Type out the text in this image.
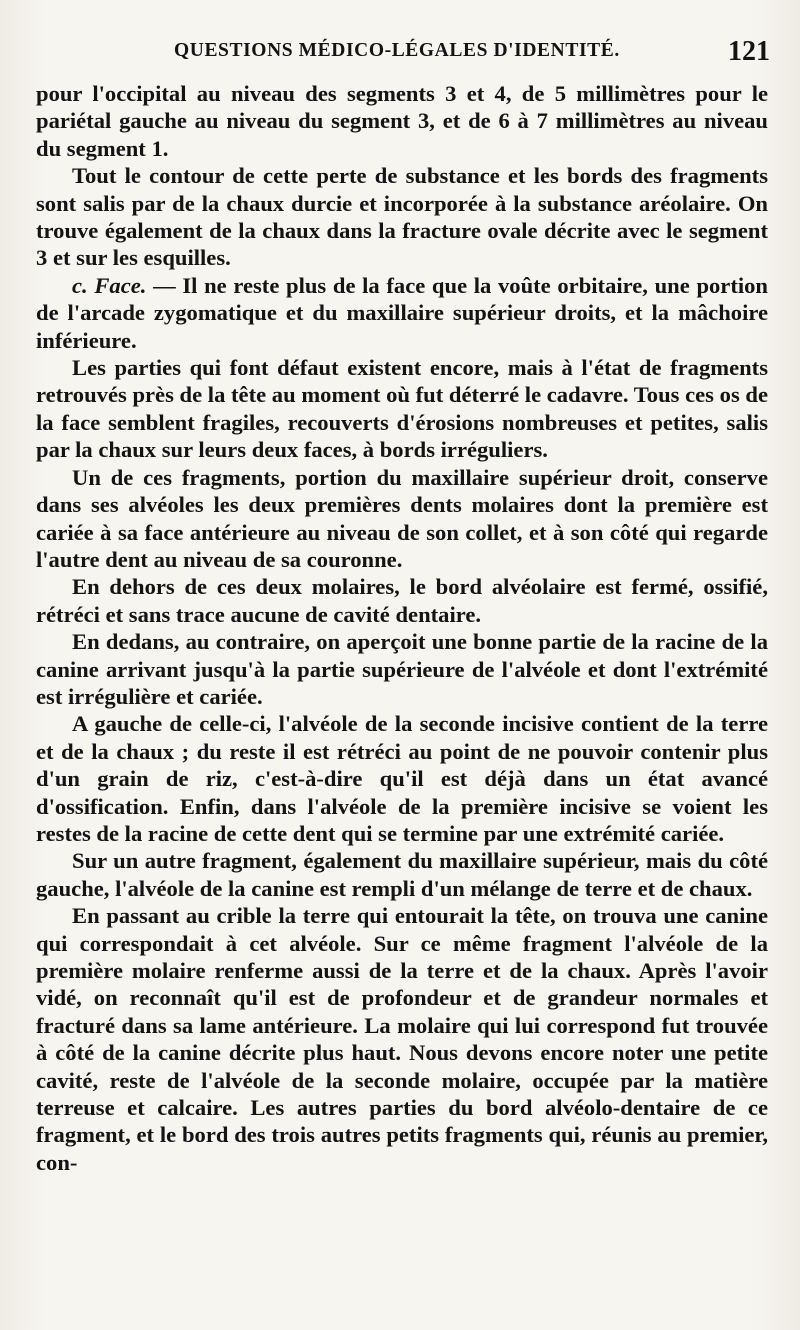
QUESTIONS MÉDICO-LÉGALES D'IDENTITÉ.	121

pour l'occipital au niveau des segments 3 et 4, de 5 millimètres pour le pariétal gauche au niveau du segment 3, et de 6 à 7 millimètres au niveau du segment 1.

Tout le contour de cette perte de substance et les bords des fragments sont salis par de la chaux durcie et incorporée à la substance aréolaire. On trouve également de la chaux dans la fracture ovale décrite avec le segment 3 et sur les esquilles.

c. Face. — Il ne reste plus de la face que la voûte orbitaire, une portion de l'arcade zygomatique et du maxillaire supérieur droits, et la mâchoire inférieure.

Les parties qui font défaut existent encore, mais à l'état de fragments retrouvés près de la tête au moment où fut déterré le cadavre. Tous ces os de la face semblent fragiles, recouverts d'érosions nombreuses et petites, salis par la chaux sur leurs deux faces, à bords irréguliers.

Un de ces fragments, portion du maxillaire supérieur droit, conserve dans ses alvéoles les deux premières dents molaires dont la première est cariée à sa face antérieure au niveau de son collet, et à son côté qui regarde l'autre dent au niveau de sa couronne.

En dehors de ces deux molaires, le bord alvéolaire est fermé, ossifié, rétréci et sans trace aucune de cavité dentaire.

En dedans, au contraire, on aperçoit une bonne partie de la racine de la canine arrivant jusqu'à la partie supérieure de l'alvéole et dont l'extrémité est irrégulière et cariée.

A gauche de celle-ci, l'alvéole de la seconde incisive contient de la terre et de la chaux ; du reste il est rétréci au point de ne pouvoir contenir plus d'un grain de riz, c'est-à-dire qu'il est déjà dans un état avancé d'ossification. Enfin, dans l'alvéole de la première incisive se voient les restes de la racine de cette dent qui se termine par une extrémité cariée.

Sur un autre fragment, également du maxillaire supérieur, mais du côté gauche, l'alvéole de la canine est rempli d'un mélange de terre et de chaux.

En passant au crible la terre qui entourait la tête, on trouva une canine qui correspondait à cet alvéole. Sur ce même fragment l'alvéole de la première molaire renferme aussi de la terre et de la chaux. Après l'avoir vidé, on reconnaît qu'il est de profondeur et de grandeur normales et fracturé dans sa lame antérieure. La molaire qui lui correspond fut trouvée à côté de la canine décrite plus haut. Nous devons encore noter une petite cavité, reste de l'alvéole de la seconde molaire, occupée par la matière terreuse et calcaire. Les autres parties du bord alvéolo-dentaire de ce fragment, et le bord des trois autres petits fragments qui, réunis au premier, con-
